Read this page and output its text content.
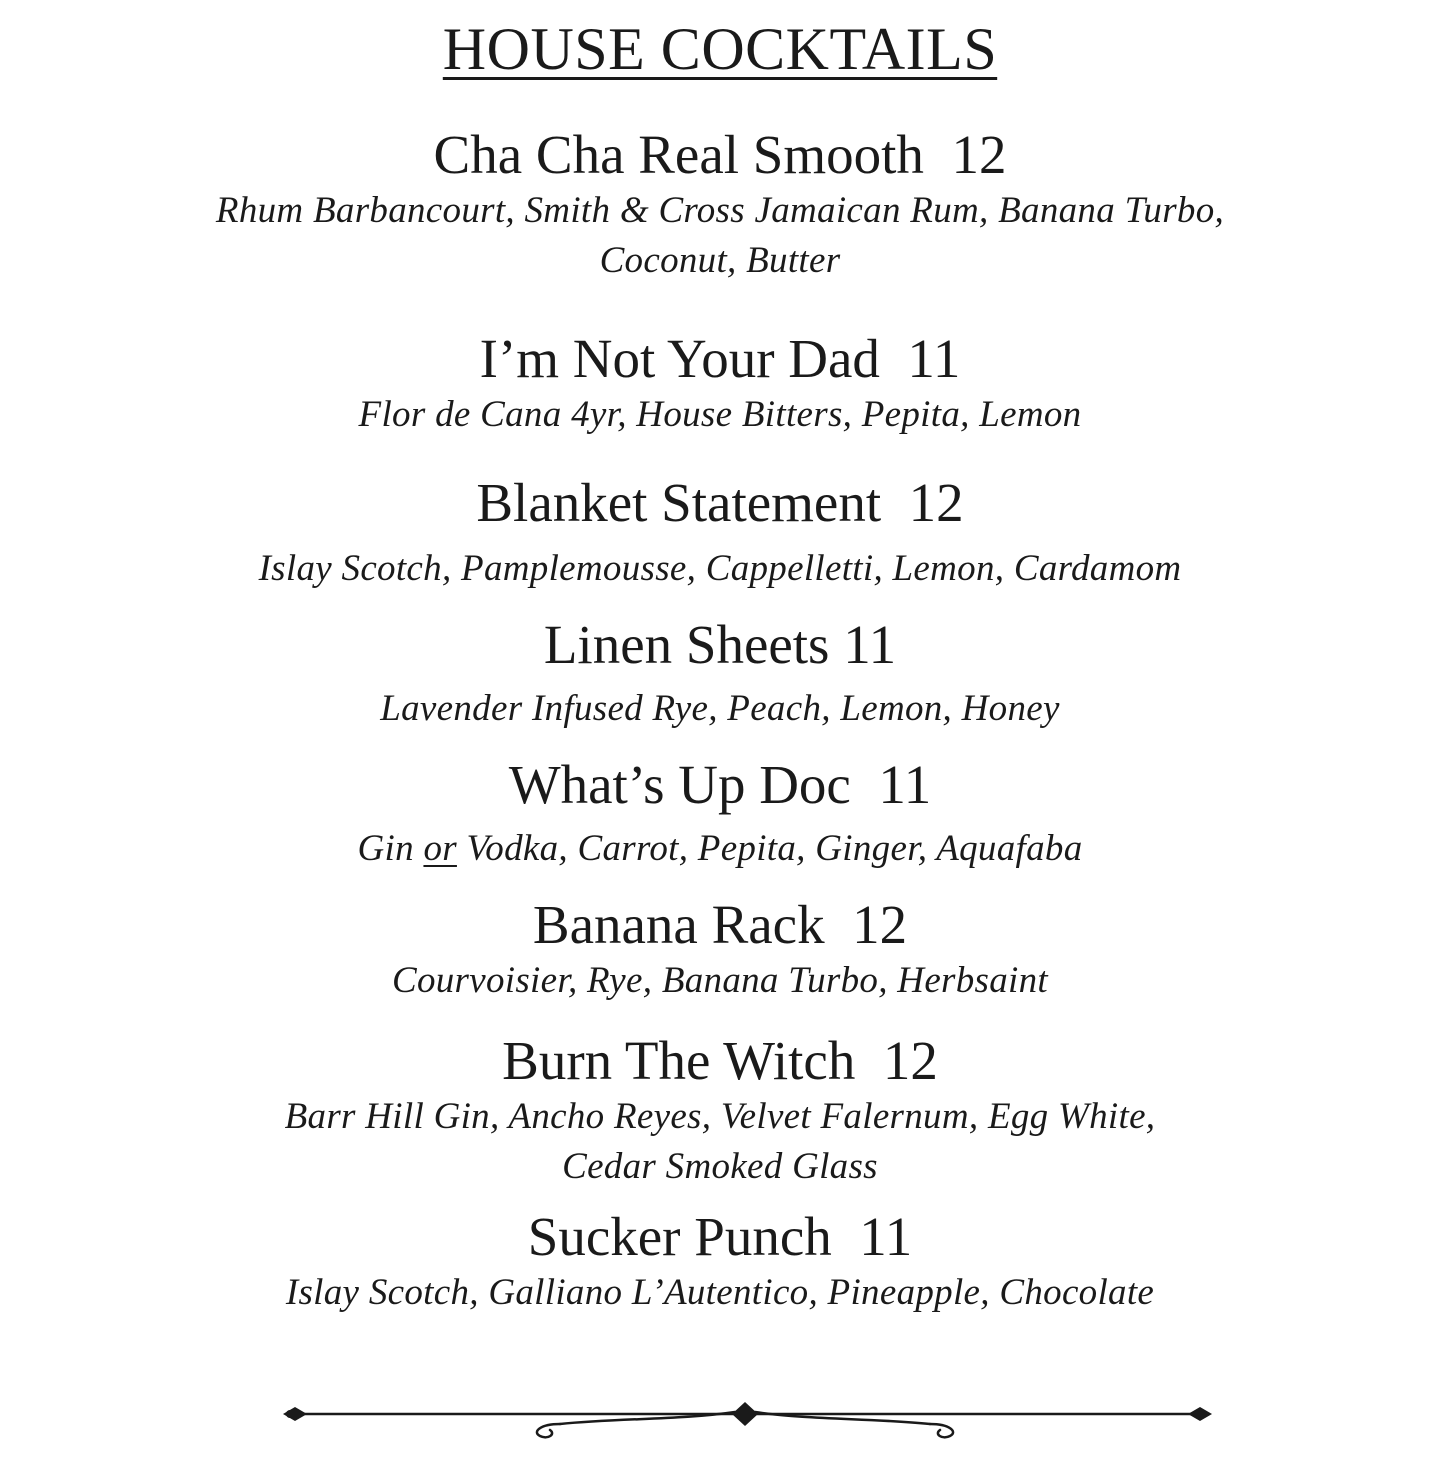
HOUSE COCKTAILS
Cha Cha Real Smooth 12
Rhum Barbancourt, Smith & Cross Jamaican Rum, Banana Turbo,
Coconut, Butter
I’m Not Your Dad 11
Flor de Cana 4yr, House Bitters, Pepita, Lemon
Blanket Statement 12
Islay Scotch, Pamplemousse, Cappelletti, Lemon, Cardamom
Linen Sheets 11
Lavender Infused Rye, Peach, Lemon, Honey
What’s Up Doc 11
Gin or Vodka, Carrot, Pepita, Ginger, Aquafaba
Banana Rack 12
Courvoisier, Rye, Banana Turbo, Herbsaint
Burn The Witch 12
Barr Hill Gin, Ancho Reyes, Velvet Falernum, Egg White,
Cedar Smoked Glass
Sucker Punch 11
Islay Scotch, Galliano L’Autentico, Pineapple, Chocolate
